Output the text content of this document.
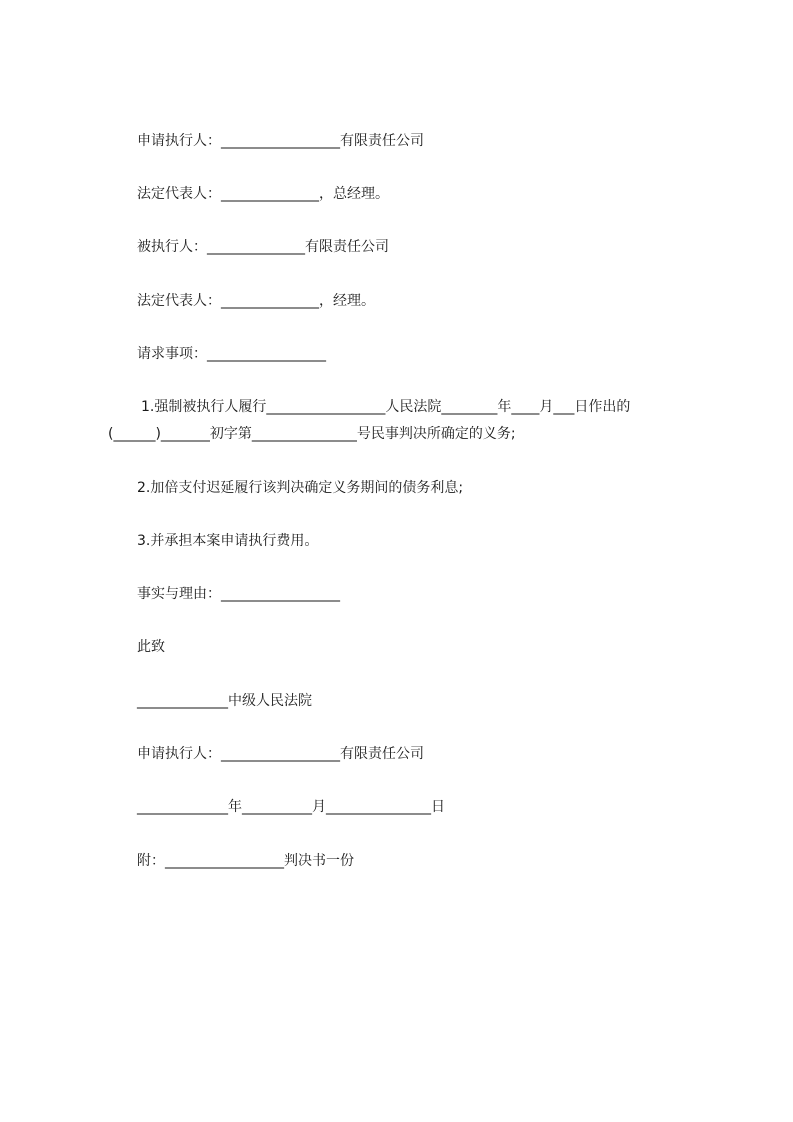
申请执行人：_________________有限责任公司
法定代表人：______________，总经理。
被执行人：______________有限责任公司
法定代表人：______________，经理。
请求事项：_________________
1.强制被执行人履行_________________人民法院________年____月___日作出的
(______)_______初字第_______________号民事判决所确定的义务;
2.加倍支付迟延履行该判决确定义务期间的债务利息;
3.并承担本案申请执行费用。
事实与理由：_________________
此致
_____________中级人民法院
申请执行人：_________________有限责任公司
_____________年__________月_______________日
附：_________________判决书一份
